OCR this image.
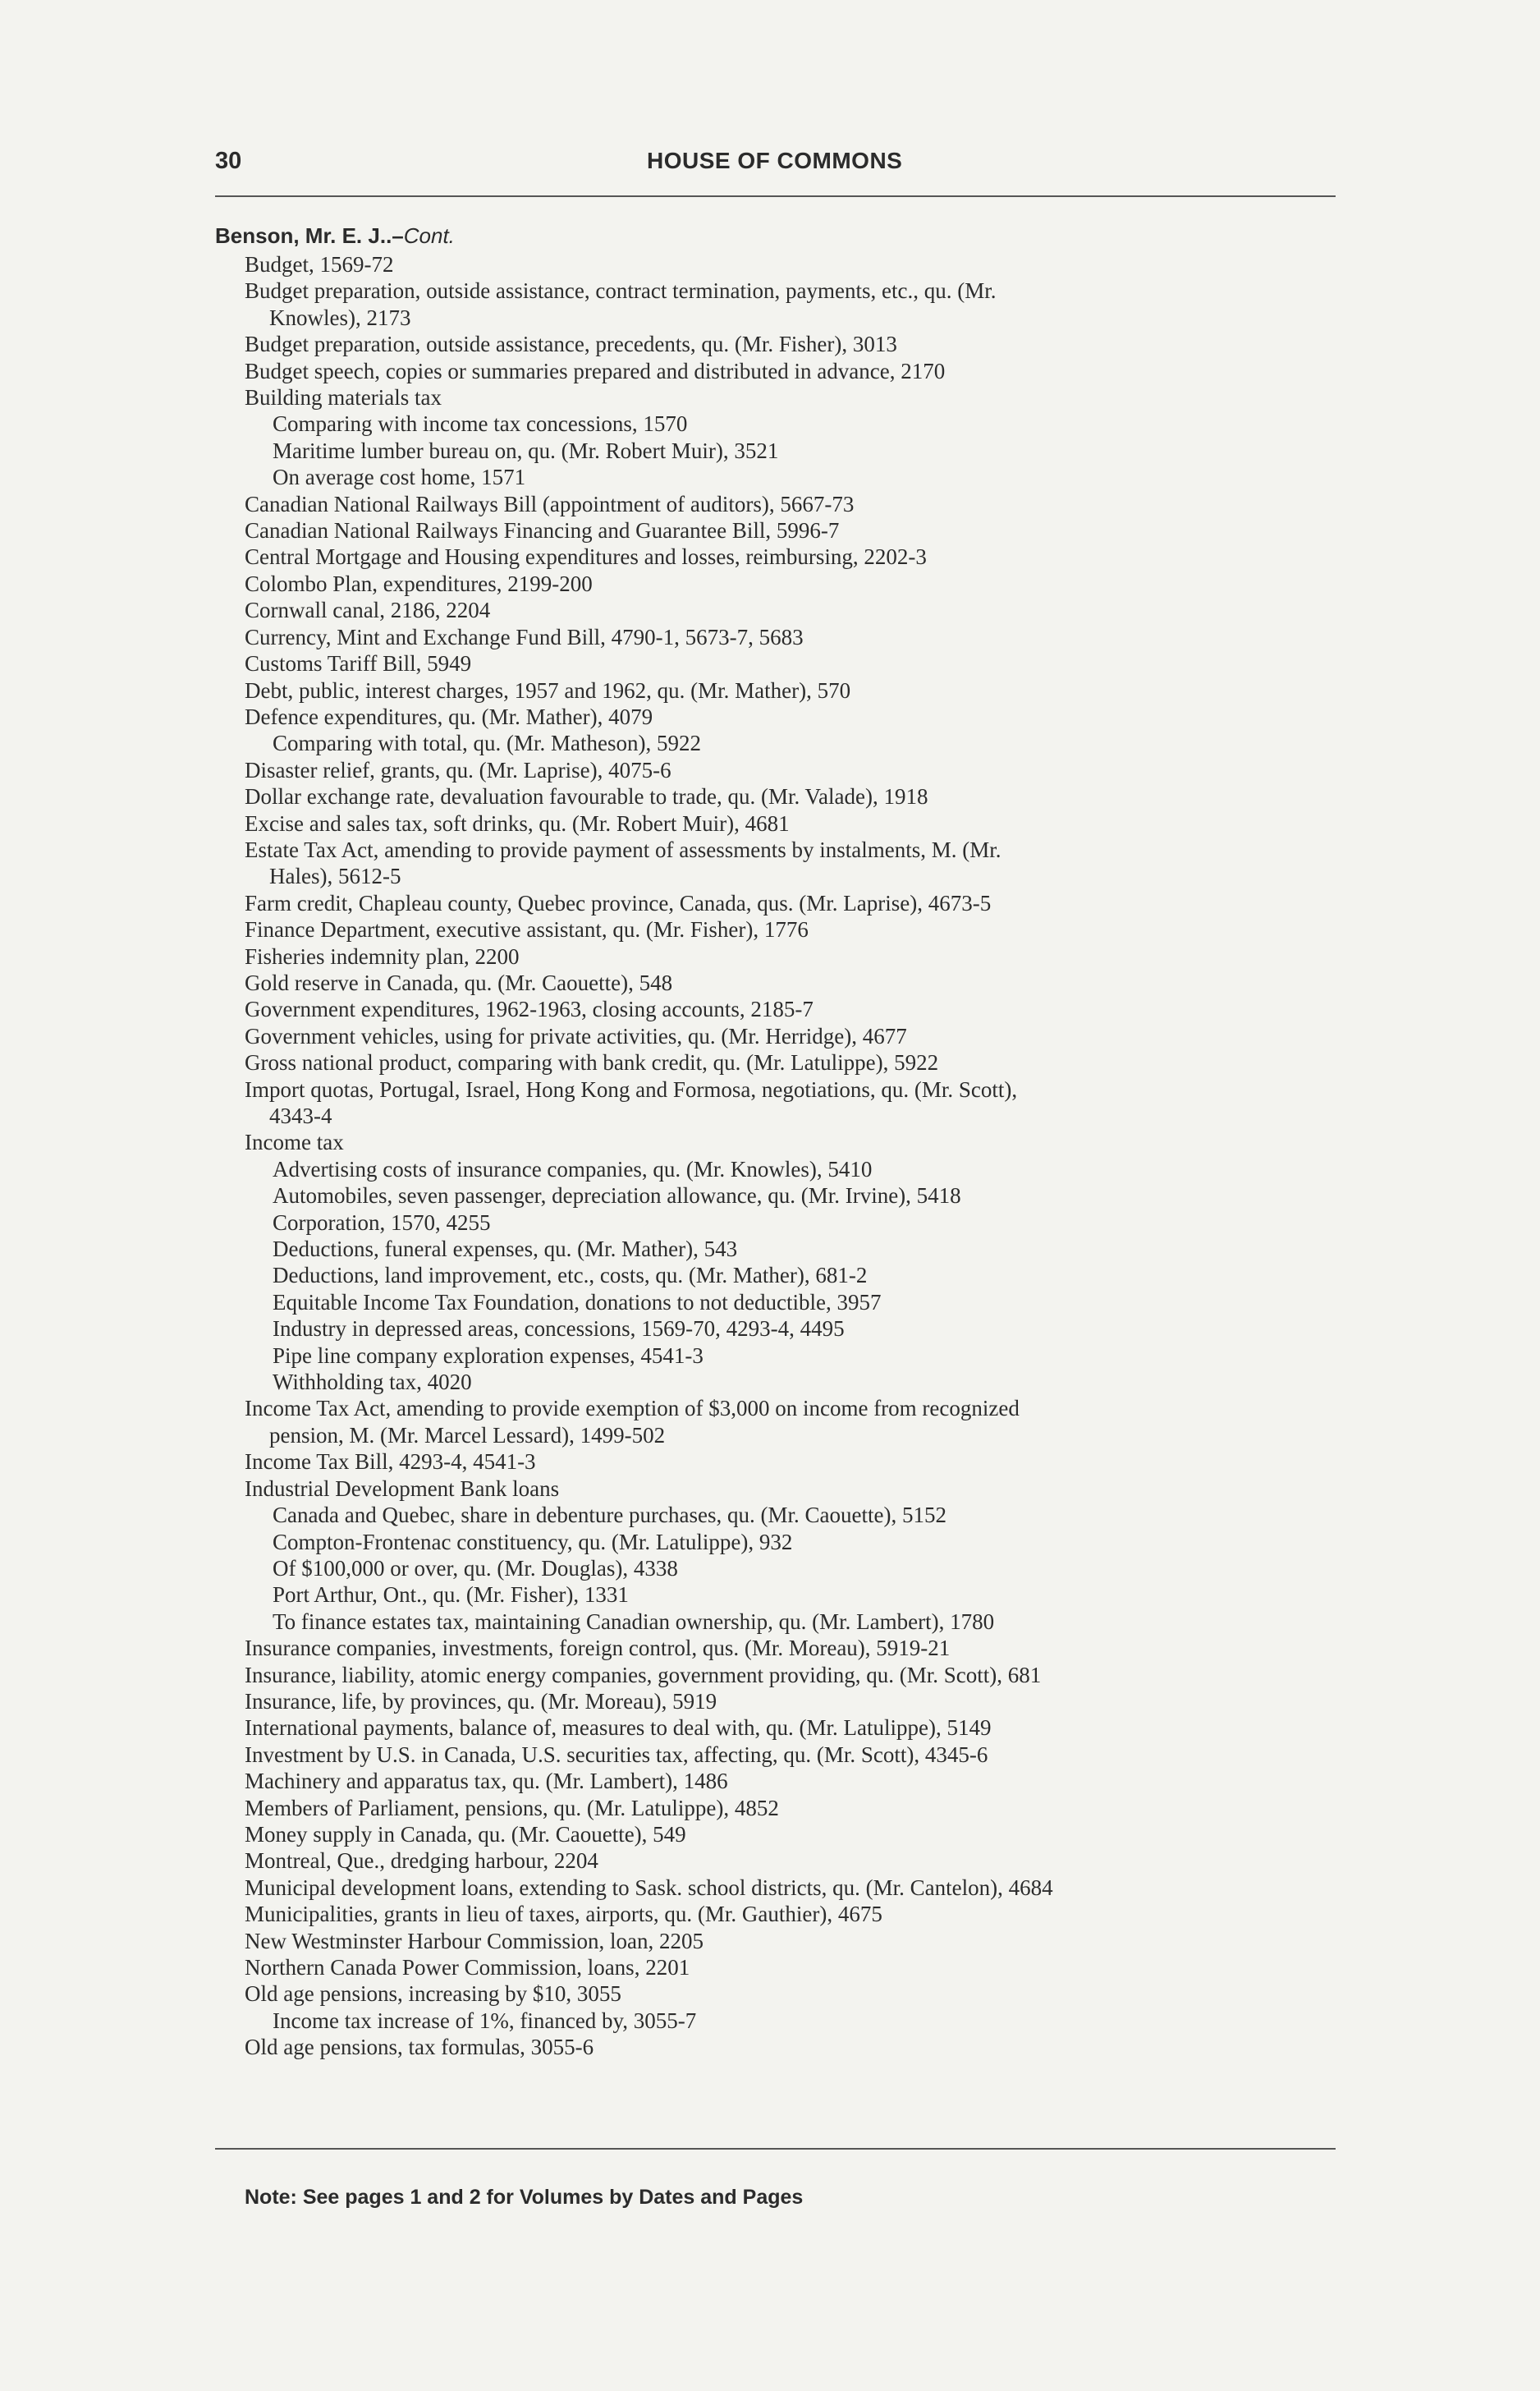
30	HOUSE OF COMMONS
Benson, Mr. E. J..–Cont.
Budget, 1569-72
Budget preparation, outside assistance, contract termination, payments, etc., qu. (Mr.
Knowles), 2173
Budget preparation, outside assistance, precedents, qu. (Mr. Fisher), 3013
Budget speech, copies or summaries prepared and distributed in advance, 2170
Building materials tax
Comparing with income tax concessions, 1570
Maritime lumber bureau on, qu. (Mr. Robert Muir), 3521
On average cost home, 1571
Canadian National Railways Bill (appointment of auditors), 5667-73
Canadian National Railways Financing and Guarantee Bill, 5996-7
Central Mortgage and Housing expenditures and losses, reimbursing, 2202-3
Colombo Plan, expenditures, 2199-200
Cornwall canal, 2186, 2204
Currency, Mint and Exchange Fund Bill, 4790-1, 5673-7, 5683
Customs Tariff Bill, 5949
Debt, public, interest charges, 1957 and 1962, qu. (Mr. Mather), 570
Defence expenditures, qu. (Mr. Mather), 4079
Comparing with total, qu. (Mr. Matheson), 5922
Disaster relief, grants, qu. (Mr. Laprise), 4075-6
Dollar exchange rate, devaluation favourable to trade, qu. (Mr. Valade), 1918
Excise and sales tax, soft drinks, qu. (Mr. Robert Muir), 4681
Estate Tax Act, amending to provide payment of assessments by instalments, M. (Mr.
Hales), 5612-5
Farm credit, Chapleau county, Quebec province, Canada, qus. (Mr. Laprise), 4673-5
Finance Department, executive assistant, qu. (Mr. Fisher), 1776
Fisheries indemnity plan, 2200
Gold reserve in Canada, qu. (Mr. Caouette), 548
Government expenditures, 1962-1963, closing accounts, 2185-7
Government vehicles, using for private activities, qu. (Mr. Herridge), 4677
Gross national product, comparing with bank credit, qu. (Mr. Latulippe), 5922
Import quotas, Portugal, Israel, Hong Kong and Formosa, negotiations, qu. (Mr. Scott),
4343-4
Income tax
Advertising costs of insurance companies, qu. (Mr. Knowles), 5410
Automobiles, seven passenger, depreciation allowance, qu. (Mr. Irvine), 5418
Corporation, 1570, 4255
Deductions, funeral expenses, qu. (Mr. Mather), 543
Deductions, land improvement, etc., costs, qu. (Mr. Mather), 681-2
Equitable Income Tax Foundation, donations to not deductible, 3957
Industry in depressed areas, concessions, 1569-70, 4293-4, 4495
Pipe line company exploration expenses, 4541-3
Withholding tax, 4020
Income Tax Act, amending to provide exemption of $3,000 on income from recognized
pension, M. (Mr. Marcel Lessard), 1499-502
Income Tax Bill, 4293-4, 4541-3
Industrial Development Bank loans
Canada and Quebec, share in debenture purchases, qu. (Mr. Caouette), 5152
Compton-Frontenac constituency, qu. (Mr. Latulippe), 932
Of $100,000 or over, qu. (Mr. Douglas), 4338
Port Arthur, Ont., qu. (Mr. Fisher), 1331
To finance estates tax, maintaining Canadian ownership, qu. (Mr. Lambert), 1780
Insurance companies, investments, foreign control, qus. (Mr. Moreau), 5919-21
Insurance, liability, atomic energy companies, government providing, qu. (Mr. Scott), 681
Insurance, life, by provinces, qu. (Mr. Moreau), 5919
International payments, balance of, measures to deal with, qu. (Mr. Latulippe), 5149
Investment by U.S. in Canada, U.S. securities tax, affecting, qu. (Mr. Scott), 4345-6
Machinery and apparatus tax, qu. (Mr. Lambert), 1486
Members of Parliament, pensions, qu. (Mr. Latulippe), 4852
Money supply in Canada, qu. (Mr. Caouette), 549
Montreal, Que., dredging harbour, 2204
Municipal development loans, extending to Sask. school districts, qu. (Mr. Cantelon), 4684
Municipalities, grants in lieu of taxes, airports, qu. (Mr. Gauthier), 4675
New Westminster Harbour Commission, loan, 2205
Northern Canada Power Commission, loans, 2201
Old age pensions, increasing by $10, 3055
Income tax increase of 1%, financed by, 3055-7
Old age pensions, tax formulas, 3055-6
Note: See pages 1 and 2 for Volumes by Dates and Pages
